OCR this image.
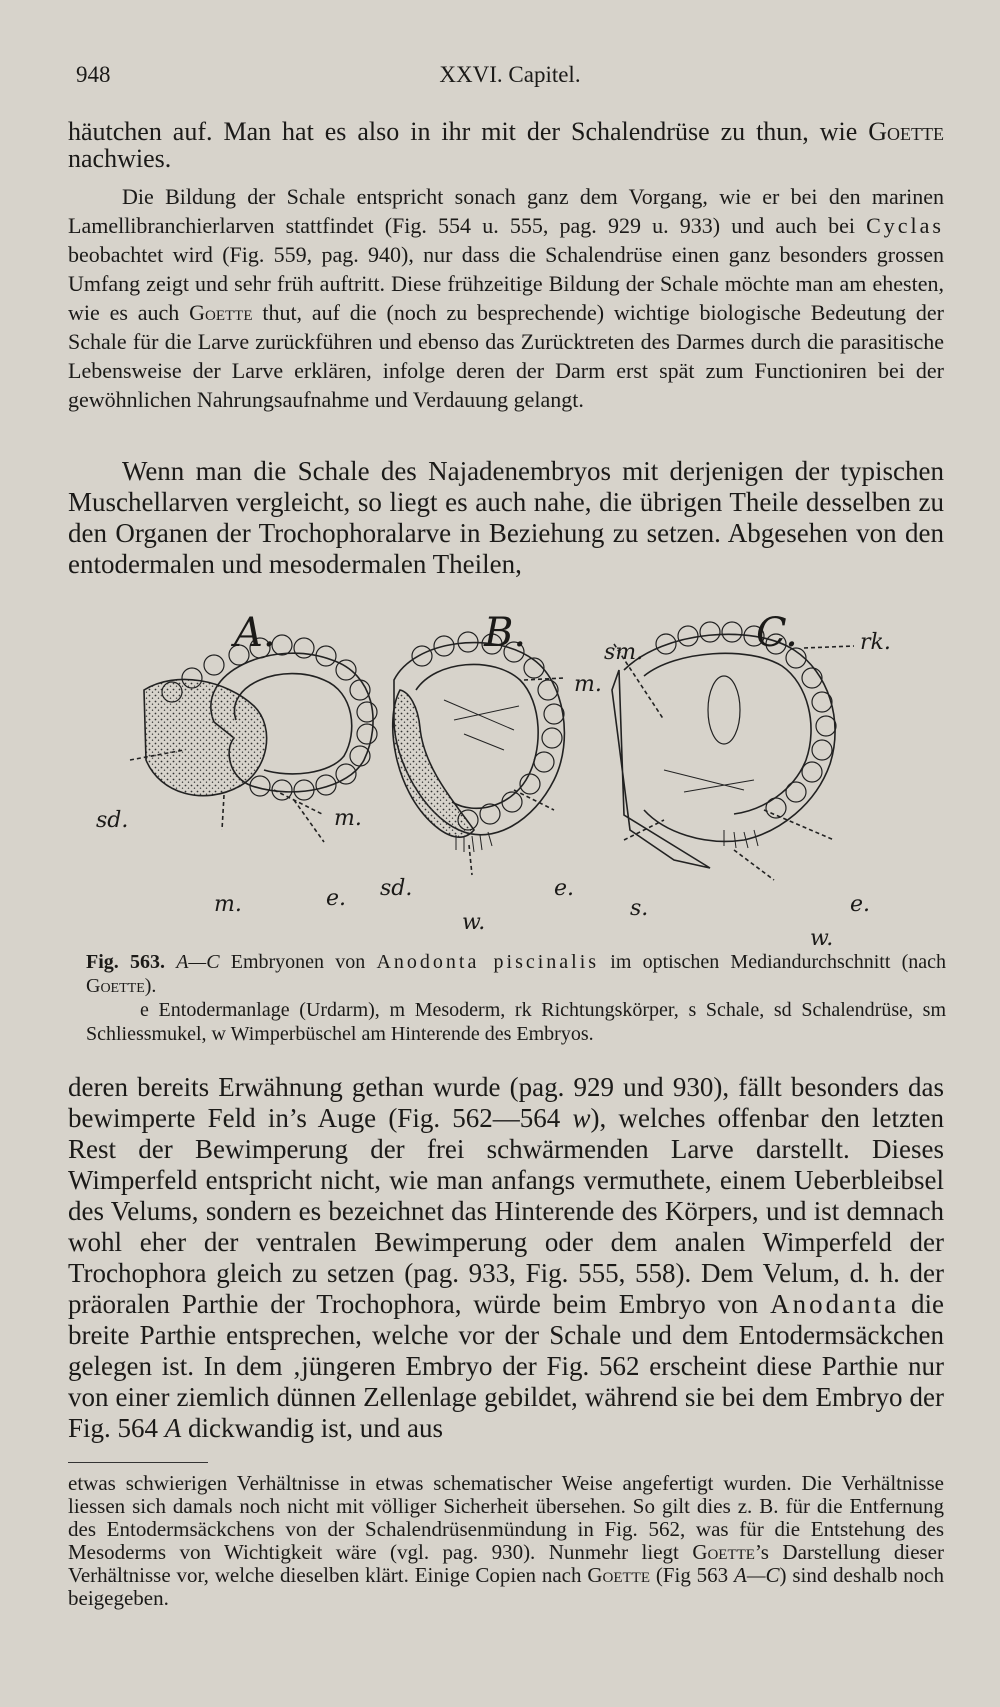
948	XXVI. Capitel.

häutchen auf. Man hat es also in ihr mit der Schalendrüse zu thun, wie Goette nachwies.

Die Bildung der Schale entspricht sonach ganz dem Vorgang, wie er bei den marinen Lamellibranchierlarven stattfindet (Fig. 554 u. 555, pag. 929 u. 933) und auch bei Cyclas beobachtet wird (Fig. 559, pag. 940), nur dass die Schalendrüse einen ganz besonders grossen Umfang zeigt und sehr früh auftritt. Diese frühzeitige Bildung der Schale möchte man am ehesten, wie es auch Goette thut, auf die (noch zu besprechende) wichtige biologische Bedeutung der Schale für die Larve zurückführen und ebenso das Zurücktreten des Darmes durch die parasitische Lebensweise der Larve erklären, infolge deren der Darm erst spät zum Functioniren bei der gewöhnlichen Nahrungsaufnahme und Verdauung gelangt.

Wenn man die Schale des Najadenembryos mit derjenigen der typischen Muschellarven vergleicht, so liegt es auch nahe, die übrigen Theile desselben zu den Organen der Trochophoralarve in Beziehung zu setzen. Abgesehen von den entodermalen und mesodermalen Theilen,

A.	B.	C.
sd.	m.
m.	e.
m.
sd.	e.
w.
sm.	rk.
s.	e.
w.

Fig. 563. A—C Embryonen von Anodonta piscinalis im optischen Mediandurchschnitt (nach Goette).

e Entodermanlage (Urdarm), m Mesoderm, rk Richtungskörper, s Schale, sd Schalendrüse, sm Schliessmukel, w Wimperbüschel am Hinterende des Embryos.

deren bereits Erwähnung gethan wurde (pag. 929 und 930), fällt besonders das bewimperte Feld in’s Auge (Fig. 562—564 w), welches offenbar den letzten Rest der Bewimperung der frei schwärmenden Larve darstellt. Dieses Wimperfeld entspricht nicht, wie man anfangs vermuthete, einem Ueberbleibsel des Velums, sondern es bezeichnet das Hinterende des Körpers, und ist demnach wohl eher der ventralen Bewimperung oder dem analen Wimperfeld der Trochophora gleich zu setzen (pag. 933, Fig. 555, 558). Dem Velum, d. h. der präoralen Parthie der Trochophora, würde beim Embryo von Anodanta die breite Parthie entsprechen, welche vor der Schale und dem Entodermsäckchen gelegen ist. In dem ‚jüngeren Embryo der Fig. 562 erscheint diese Parthie nur von einer ziemlich dünnen Zellenlage gebildet, während sie bei dem Embryo der Fig. 564 A dickwandig ist, und aus

etwas schwierigen Verhältnisse in etwas schematischer Weise angefertigt wurden. Die Verhältnisse liessen sich damals noch nicht mit völliger Sicherheit übersehen. So gilt dies z. B. für die Entfernung des Entodermsäckchens von der Schalendrüsenmündung in Fig. 562, was für die Entstehung des Mesoderms von Wichtigkeit wäre (vgl. pag. 930). Nunmehr liegt Goette’s Darstellung dieser Verhältnisse vor, welche dieselben klärt. Einige Copien nach Goette (Fig 563 A—C) sind deshalb noch beigegeben.
